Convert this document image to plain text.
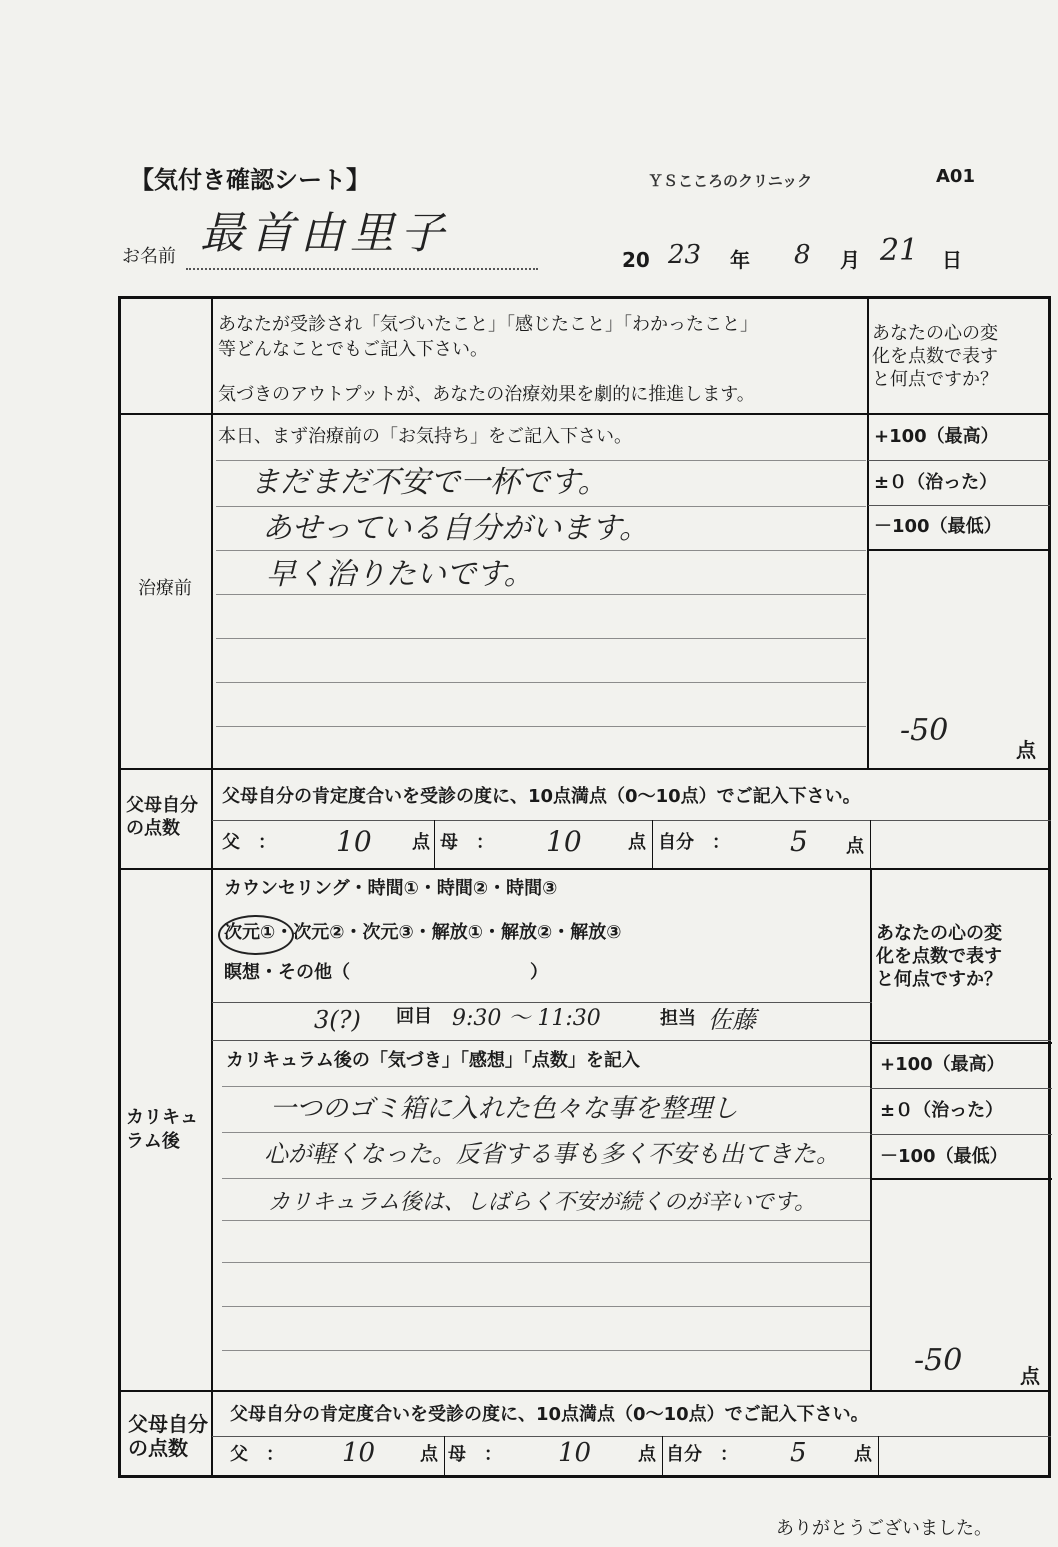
【気付き確認シート】	ＹＳこころのクリニック	A01
お名前 最首由里子
20 23 年 8 月 21 日
あなたが受診され「気づいたこと」「感じたこと」「わかったこと」
等どんなことでもご記入下さい。
気づきのアウトプットが、あなたの治療効果を劇的に推進します。
あなたの心の変
化を点数で表す
と何点ですか？
治療前
本日、まず治療前の「お気持ち」をご記入下さい。
まだまだ不安で一杯です。
あせっている自分がいます。
早く治りたいです。
+100（最高）
±０（治った）
－100（最低）
-50
点
父母自分
の点数
父母自分の肯定度合いを受診の度に、10点満点（0～10点）でご記入下さい。
父　： 10 点 母　： 10	点 自分　： 5 点
カリキュ
ラム後
カウンセリング・時間①・時間②・時間③
次元①・次元②・次元③・解放①・解放②・解放③
瞑想・その他（　　　　　　　　　　）
3(?) 回目 9:30 ～ 11:30	担当 佐藤
カリキュラム後の「気づき」「感想」「点数」を記入
一つのゴミ箱に入れた色々な事を整理し
心が軽くなった。反省する事も多く不安も出てきた。
カリキュラム後は、しばらく不安が続くのが辛いです。
あなたの心の変
化を点数で表す
と何点ですか？
+100（最高）
±０（治った）
－100（最低）
-50	点
父母自分
の点数
父母自分の肯定度合いを受診の度に、10点満点（0～10点）でご記入下さい。
父　： 10 点 母　： 10	点 自分　： 5	点
ありがとうございました。
